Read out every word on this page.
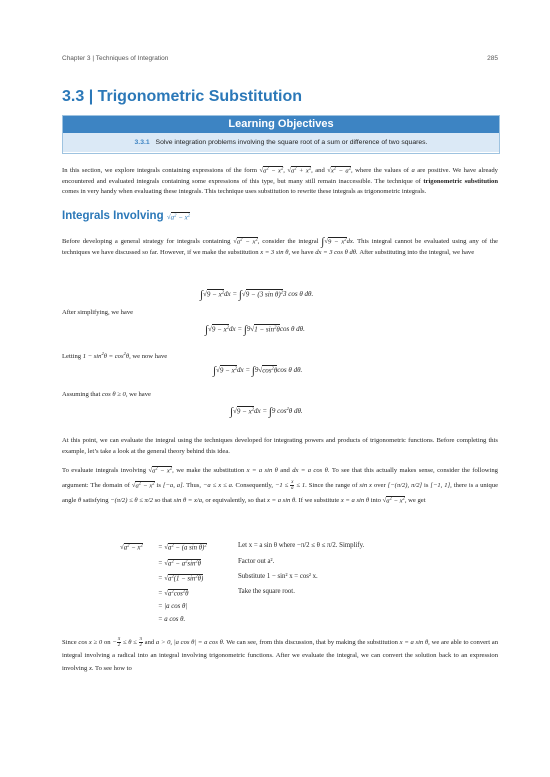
Chapter 3 | Techniques of Integration	285
3.3 | Trigonometric Substitution
Learning Objectives
3.3.1 Solve integration problems involving the square root of a sum or difference of two squares.
In this section, we explore integrals containing expressions of the form $√a^2 - x^2$, $√a^2 + x^2$, and $√x^2 - a^2$, where the values of a are positive. We have already encountered and evaluated integrals containing some expressions of this type, but many still remain inaccessible. The technique of trigonometric substitution comes in very handy when evaluating these integrals. This technique uses substitution to rewrite these integrals as trigonometric integrals.
Integrals Involving $√a^2 - x^2$
Before developing a general strategy for integrals containing $√a^2 - x^2$, consider the integral $\int√9 - x^2dx$. This integral cannot be evaluated using any of the techniques we have discussed so far. However, if we make the substitution x = 3 sin θ, we have dx = 3 cos θ dθ. After substituting into the integral, we have
$\int√9 - x^2dx = \int√9 - (3$ sin θ)$^2$3 cos θ dθ.
After simplifying, we have
$\int√9 - x^2dx = \int 9√1 - \sin^2\theta\cos$ θ dθ.
Letting $1 - \sin^2\theta = \cos^2\theta$, we now have
$\int√9 - x^2dx = \int 9√\cos^2\theta\cos$ θ dθ.
Assuming that cos θ ≥ 0, we have
$\int√9 - x^2dx = \int 9$ $\cos^2\theta$ dθ.
At this point, we can evaluate the integral using the techniques developed for integrating powers and products of trigonometric functions. Before completing this example, let’s take a look at the general theory behind this idea.
To evaluate integrals involving $√a^2 - x^2$, we make the substitution x = a sin θ and dx = a cos θ. To see that this actually makes sense, consider the following argument: The domain of $√a^2 - x^2$ is [−a, a]. Thus, −a ≤ x ≤ a. Consequently, $-1 \le \frac{x}{a} \le 1$. Since the range of sin x over [−(π/2), π/2] is [−1, 1], there is a unique angle θ satisfying −(π/2) ≤ θ ≤ π/2 so that sin θ = x/a, or equivalently, so that x = a sin θ. If we substitute x = a sin θ into $√a^2 - x^2$, we get
$√a^2 - x^2 = √a^2 - (a$ sin θ)$^2$	Let x = a sin θ where −π/2 ≤ θ ≤ π/2. Simplify.
= $√a^2 - a^2\sin^2\theta$	Factor out a².
= $√a^2(1 - \sin^2\theta)$	Substitute 1 − sin² x = cos² x.
= $√a^2\cos^2\theta$	Take the square root.
= |a cos θ|
= a cos θ.
Since cos x ≥ 0 on − $\frac{\pi}{2} \le \theta \le \frac{\pi}{2}$ and a > 0, |a cos θ| = a cos θ. We can see, from this discussion, that by making the substitution x = a sin θ, we are able to convert an integral involving a radical into an integral involving trigonometric functions. After we evaluate the integral, we can convert the solution back to an expression involving x. To see how to
